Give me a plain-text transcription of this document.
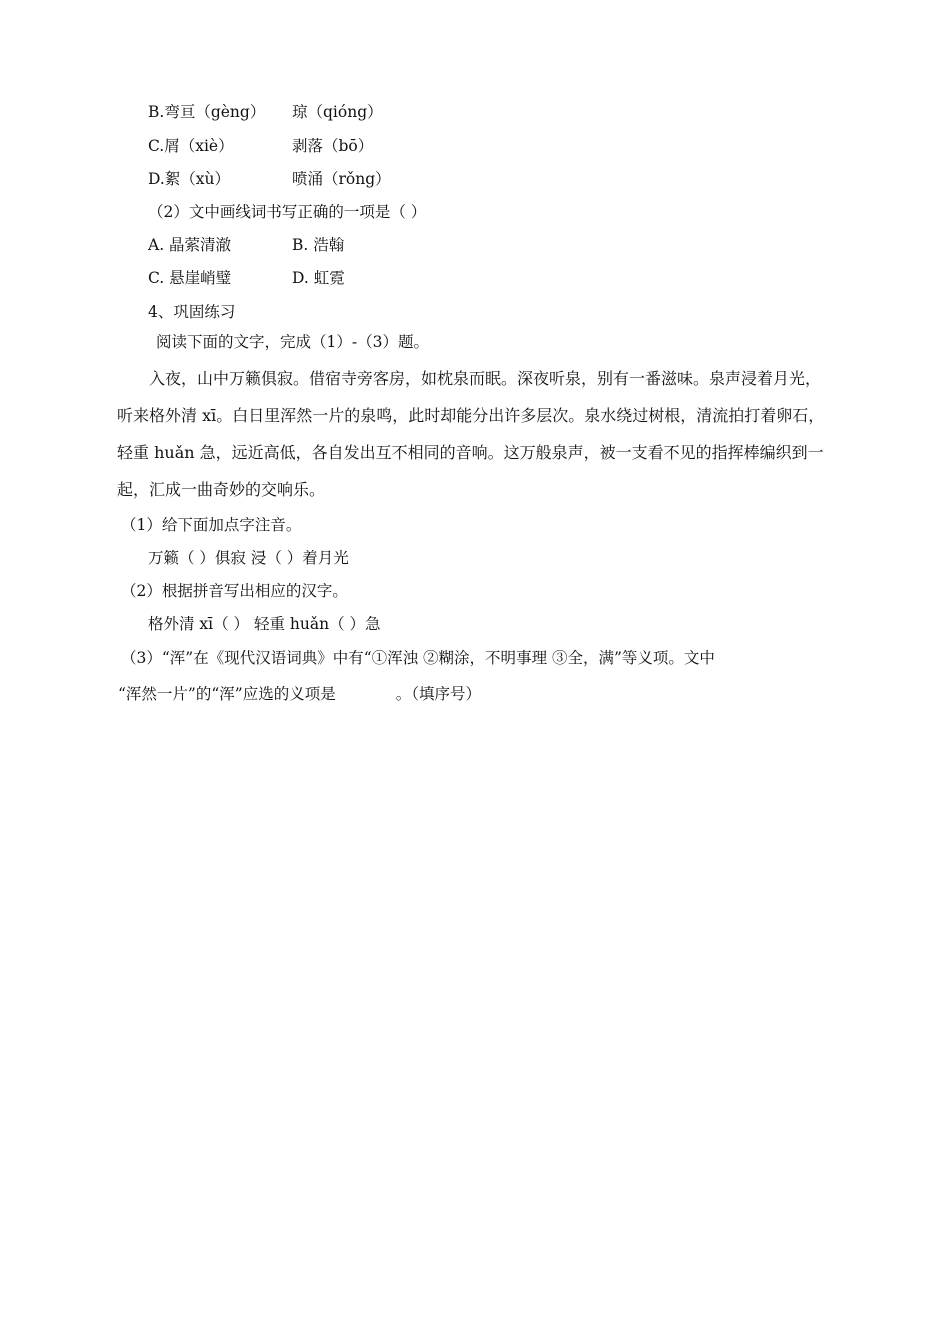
B.弯亘（gèng） 琼（qióng）
C.屑（xiè）	剥落（bō）
D.絮（xù）	喷涌（rǒng）
（2）文中画线词书写正确的一项是（ ）
A. 晶萦清澈	B. 浩翰
C. 悬崖峭璧	D. 虹霓
4、巩固练习
阅读下面的文字，完成（1）-（3）题。
入夜，山中万籁俱寂。借宿寺旁客房，如枕泉而眠。深夜听泉，别有一番滋味。泉声浸着月光，听来格外清 xī。白日里浑然一片的泉鸣，此时却能分出许多层次。泉水绕过树根，清流拍打着卵石，轻重 huǎn 急，远近高低，各自发出互不相同的音响。这万般泉声，被一支看不见的指挥棒编织到一起，汇成一曲奇妙的交响乐。
（1）给下面加点字注音。
万籁（ ）俱寂 浸（ ）着月光
（2）根据拼音写出相应的汉字。
格外清 xī（ ） 轻重 huǎn（ ）急
（3）“浑”在《现代汉语词典》中有“①浑浊 ②糊涂，不明事理 ③全，满”等义项。文中
“浑然一片”的“浑”应选的义项是	。（填序号）
